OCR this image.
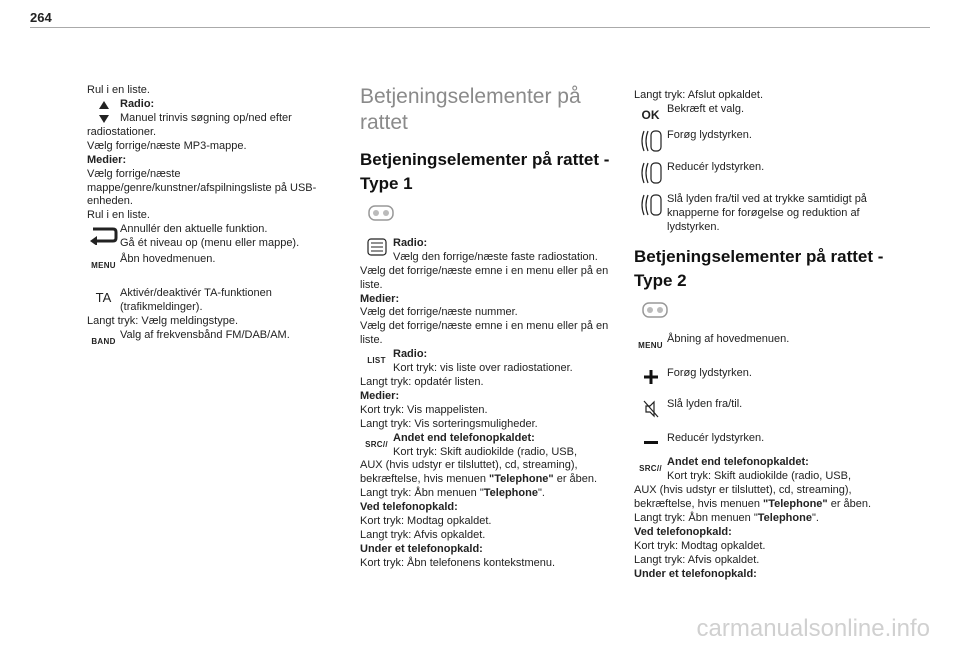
264

Rul i en liste.

Radio:

Manuel trinvis søgning op/ned efter

radiostationer.

Vælg forrige/næste MP3-mappe.

Medier:

Vælg forrige/næste mappe/genre/kunstner/afspilningsliste på USB-enheden.

Rul i en liste.

Annullér den aktuelle funktion.

Gå ét niveau op (menu eller mappe).

MENU

Åbn hovedmenuen.

TA Aktivér/deaktivér TA-funktionen (trafikmeldinger).

Langt tryk: Vælg meldingstype.

BAND

Valg af frekvensbånd FM/DAB/AM.

Betjeningselementer på rattet
Betjeningselementer på rattet - Type 1

Radio:

Vælg den forrige/næste faste radiostation.

Vælg det forrige/næste emne i en menu eller på en liste.

Medier:

Vælg det forrige/næste nummer.

Vælg det forrige/næste emne i en menu eller på en liste.

LIST

Radio:

Kort tryk: vis liste over radiostationer.

Langt tryk: opdatér listen.

Medier:

Kort tryk: Vis mappelisten.

Langt tryk: Vis sorteringsmuligheder.

SRC //

Andet end telefonopkaldet:

Kort tryk: Skift audiokilde (radio, USB,

AUX (hvis udstyr er tilsluttet), cd, streaming), bekræftelse, hvis menuen "Telephone" er åben.

Langt tryk: Åbn menuen "Telephone".

Ved telefonopkald:

Kort tryk: Modtag opkaldet.

Langt tryk: Afvis opkaldet.

Under et telefonopkald:

Kort tryk: Åbn telefonens kontekstmenu.

Langt tryk: Afslut opkaldet.

OK Bekræft et valg.

Forøg lydstyrken.

Reducér lydstyrken.

Slå lyden fra/til ved at trykke samtidigt på knapperne for forøgelse og reduktion af lydstyrken.

Betjeningselementer på rattet - Type 2
MENU

Åbning af hovedmenuen.

Forøg lydstyrken.

Slå lyden fra/til.

Reducér lydstyrken.

SRC //

Andet end telefonopkaldet:

Kort tryk: Skift audiokilde (radio, USB,

AUX (hvis udstyr er tilsluttet), cd, streaming), bekræftelse, hvis menuen "Telephone" er åben.

Langt tryk: Åbn menuen "Telephone".

Ved telefonopkald:

Kort tryk: Modtag opkaldet.

Langt tryk: Afvis opkaldet.

Under et telefonopkald:

carmanualsonline.info
